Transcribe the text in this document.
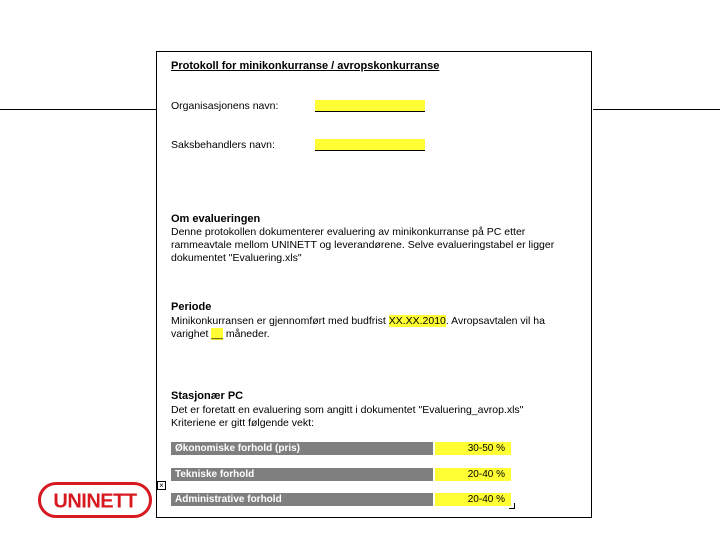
Protokoll for minikonkurranse / avropskonkurranse
Organisasjonens navn:
Saksbehandlers navn:
Om evalueringen
Denne protokollen dokumenterer evaluering av minikonkurranse på PC etter
rammeavtale mellom UNINETT og leverandørene. Selve evalueringstabel er ligger
dokumentet "Evaluering.xls"
Periode
Minikonkurransen er gjennomført med budfrist XX.XX.2010. Avropsavtalen vil ha
varighet __ måneder.
Stasjonær PC
Det er foretatt en evaluering som angitt i dokumentet "Evaluering_avrop.xls"
Kriteriene er gitt følgende vekt:
Økonomiske forhold (pris)	30-50 %
Tekniske forhold	20-40 %
Administrative forhold	20-40 %
×
UNINETT
